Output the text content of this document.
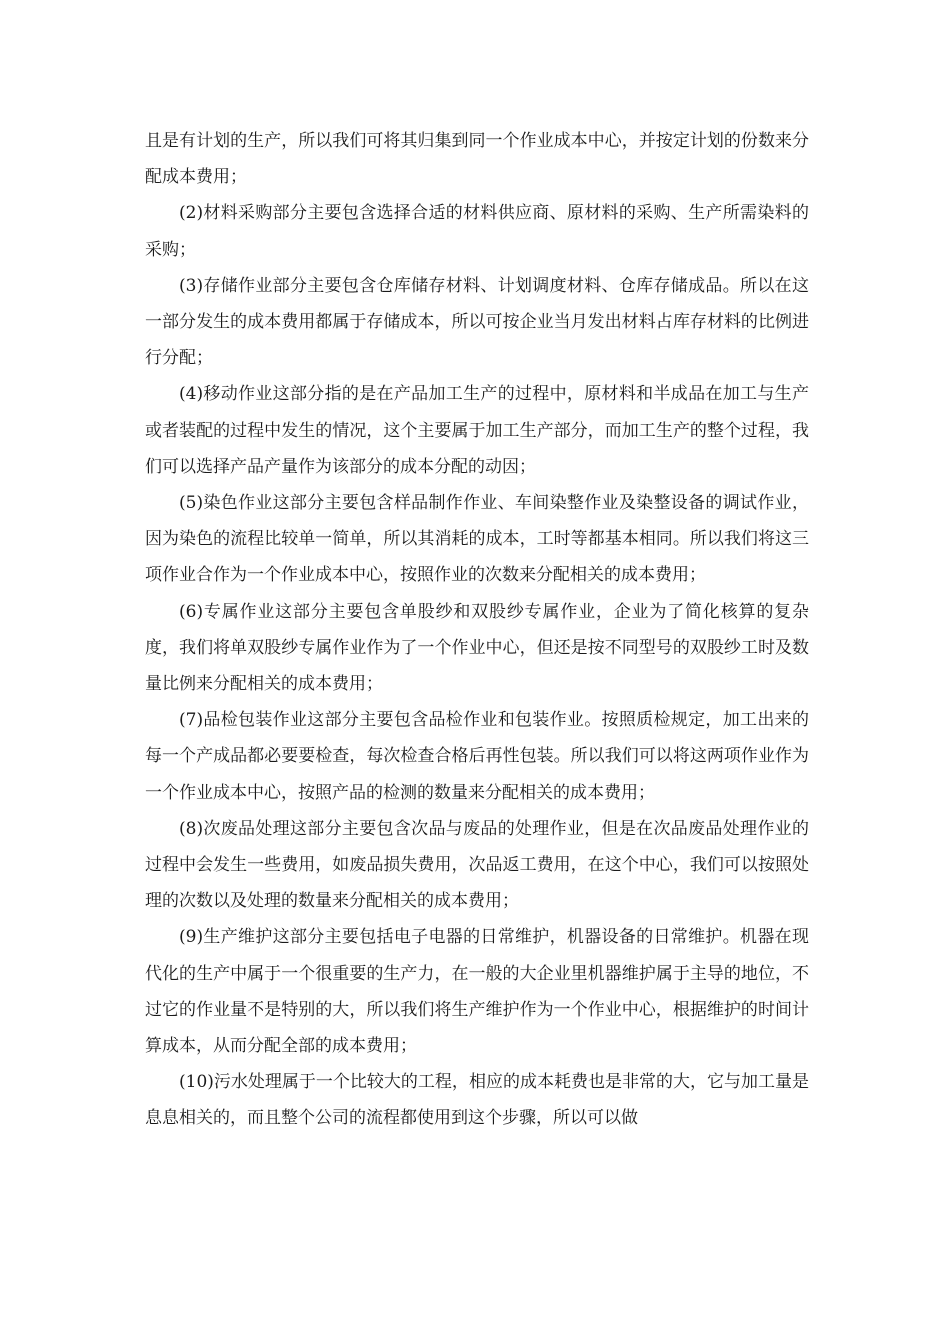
且是有计划的生产，所以我们可将其归集到同一个作业成本中心，并按定计划的份数来分配成本费用；

(2)材料采购部分主要包含选择合适的材料供应商、原材料的采购、生产所需染料的采购；

(3)存储作业部分主要包含仓库储存材料、计划调度材料、仓库存储成品。所以在这一部分发生的成本费用都属于存储成本，所以可按企业当月发出材料占库存材料的比例进行分配；

(4)移动作业这部分指的是在产品加工生产的过程中，原材料和半成品在加工与生产或者装配的过程中发生的情况，这个主要属于加工生产部分，而加工生产的整个过程，我们可以选择产品产量作为该部分的成本分配的动因；

(5)染色作业这部分主要包含样品制作作业、车间染整作业及染整设备的调试作业，因为染色的流程比较单一简单，所以其消耗的成本，工时等都基本相同。所以我们将这三项作业合作为一个作业成本中心，按照作业的次数来分配相关的成本费用；

(6)专属作业这部分主要包含单股纱和双股纱专属作业，企业为了简化核算的复杂度，我们将单双股纱专属作业作为了一个作业中心，但还是按不同型号的双股纱工时及数量比例来分配相关的成本费用；

(7)品检包装作业这部分主要包含品检作业和包装作业。按照质检规定，加工出来的每一个产成品都必要要检查，每次检查合格后再性包装。所以我们可以将这两项作业作为一个作业成本中心，按照产品的检测的数量来分配相关的成本费用；

(8)次废品处理这部分主要包含次品与废品的处理作业，但是在次品废品处理作业的过程中会发生一些费用，如废品损失费用，次品返工费用，在这个中心，我们可以按照处理的次数以及处理的数量来分配相关的成本费用；

(9)生产维护这部分主要包括电子电器的日常维护，机器设备的日常维护。机器在现代化的生产中属于一个很重要的生产力，在一般的大企业里机器维护属于主导的地位，不过它的作业量不是特别的大，所以我们将生产维护作为一个作业中心，根据维护的时间计算成本，从而分配全部的成本费用；

(10)污水处理属于一个比较大的工程，相应的成本耗费也是非常的大，它与加工量是息息相关的，而且整个公司的流程都使用到这个步骤，所以可以做
